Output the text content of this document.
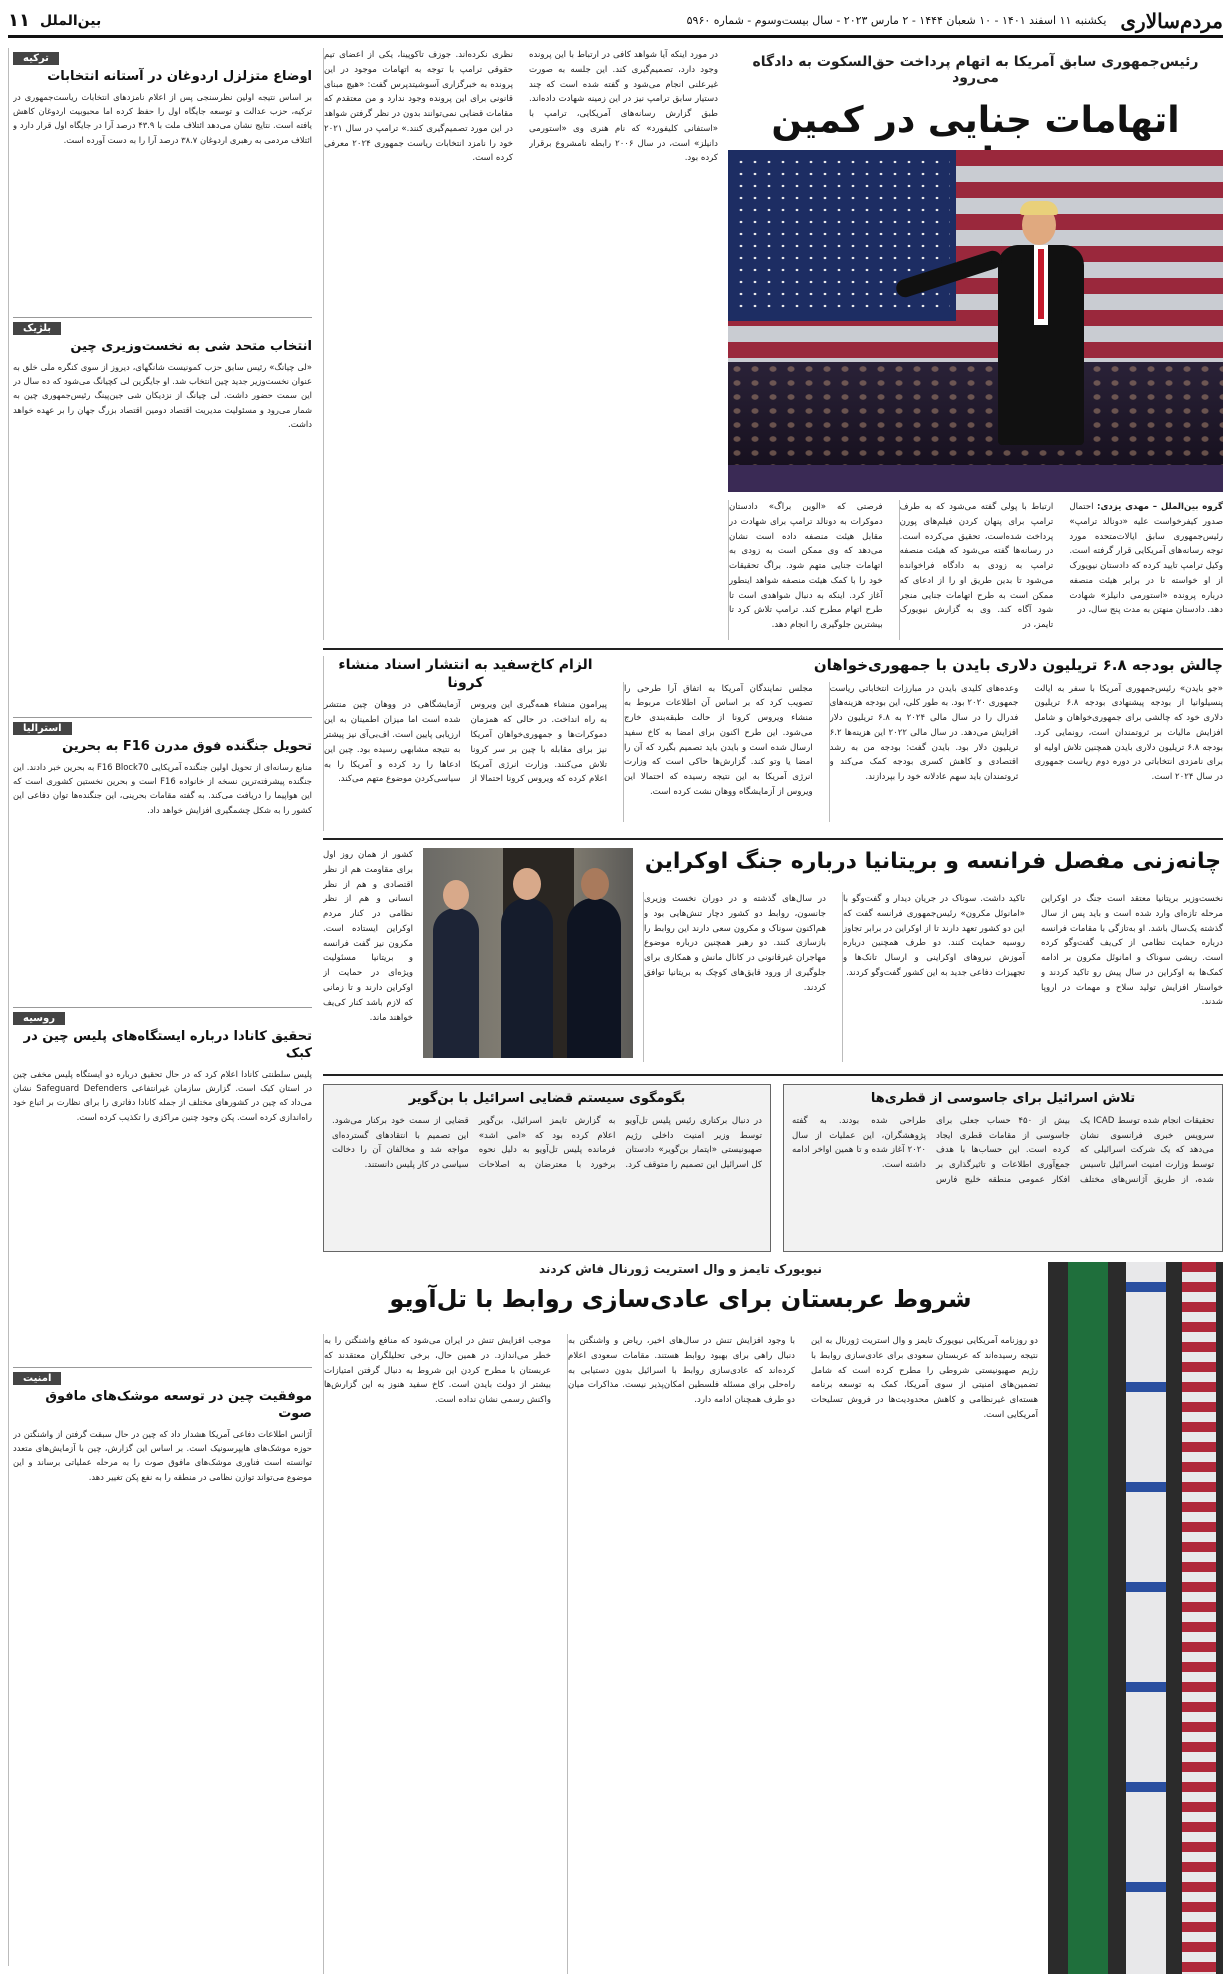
مردم‌سالاری
یکشنبه ۱۱ اسفند ۱۴۰۱ - ۱۰ شعبان ۱۴۴۴ - ۲ مارس ۲۰۲۳ - سال بیست‌وسوم - شماره ۵۹۶۰
بین‌الملل
۱۱
رئیس‌جمهوری سابق آمریکا به اتهام پرداخت حق‌السکوت به دادگاه می‌رود
اتهامات جنایی در کمین
گروه بین‌الملل – مهدی یزدی: احتمال صدور کیفرخواست علیه «دونالد ترامپ» رئیس‌جمهوری سابق ایالات‌متحده مورد توجه رسانه‌های آمریکایی قرار گرفته است. وکیل ترامپ تایید کرده که دادستان نیویورک از او خواسته تا در برابر هیئت منصفه درباره پرونده «استورمی دانیلز» شهادت دهد. دادستان منهتن به مدت پنج سال، در
ارتباط با پولی گفته می‌شود که به طرف ترامپ برای پنهان کردن فیلم‌های پورن پرداخت شده‌است، تحقیق می‌کرده است. در رسانه‌ها گفته می‌شود که هیئت منصفه ترامپ به زودی به دادگاه فراخوانده می‌شود تا بدین طریق او را از ادعای که ممکن است به طرح اتهامات جنایی منجر شود آگاه کند. وی به گزارش نیویورک تایمز، در
فرصتی که «الوین براگ» دادستان دموکرات به دونالد ترامپ برای شهادت در مقابل هیئت منصفه داده است نشان می‌دهد که وی ممکن است به زودی به اتهامات جنایی متهم شود. براگ تحقیقات خود را با کمک هیئت منصفه شواهد اینطور آغاز کرد. اینکه به دنبال شواهدی است تا طرح اتهام مطرح کند. ترامپ تلاش کرد تا بیشترین جلوگیری را انجام دهد.
در مورد اینکه آیا شواهد کافی در ارتباط با این پرونده وجود دارد، تصمیم‌گیری کند. این جلسه به صورت غیرعلنی انجام می‌شود و گفته شده است که چند دستیار سابق ترامپ نیز در این زمینه شهادت داده‌اند. طبق گزارش رسانه‌های آمریکایی، ترامپ با «استفانی کلیفورد» که نام هنری وی «استورمی دانیلز» است، در سال ۲۰۰۶ رابطه نامشروع برقرار کرده بود.
نظری نکرده‌اند. جوزف تاکوپینا، یکی از اعضای تیم حقوقی ترامپ با توجه به اتهامات موجود در این پرونده به خبرگزاری آسوشیتدپرس گفت: «هیچ مبنای قانونی برای این پرونده وجود ندارد و من معتقدم که مقامات قضایی نمی‌توانند بدون در نظر گرفتن شواهد در این مورد تصمیم‌گیری کنند.» ترامپ در سال ۲۰۲۱ خود را نامزد انتخابات ریاست جمهوری ۲۰۲۴ معرفی کرده است.
چالش بودجه ۶.۸ تریلیون دلاری بایدن با جمهوری‌خواهان
«جو بایدن» رئیس‌جمهوری آمریکا با سفر به ایالت پنسیلوانیا از بودجه پیشنهادی بودجه ۶.۸ تریلیون دلاری خود که چالشی برای جمهوری‌خواهان و شامل افزایش مالیات بر ثروتمندان است، رونمایی کرد. بودجه ۶.۸ تریلیون دلاری بایدن همچنین تلاش اولیه او برای نامزدی انتخاباتی در دوره دوم ریاست جمهوری در سال ۲۰۲۴ است.
وعده‌های کلیدی بایدن در مبارزات انتخاباتی ریاست جمهوری ۲۰۲۰ بود. به طور کلی، این بودجه هزینه‌های فدرال را در سال مالی ۲۰۲۴ به ۶.۸ تریلیون دلار افزایش می‌دهد. در سال مالی ۲۰۲۲ این هزینه‌ها ۶.۲ تریلیون دلار بود. بایدن گفت: بودجه من به رشد اقتصادی و کاهش کسری بودجه کمک می‌کند و ثروتمندان باید سهم عادلانه خود را بپردازند.
مجلس نمایندگان آمریکا به اتفاق آرا طرحی را تصویب کرد که بر اساس آن اطلاعات مربوط به منشاء ویروس کرونا از حالت طبقه‌بندی خارج می‌شود. این طرح اکنون برای امضا به کاخ سفید ارسال شده است و بایدن باید تصمیم بگیرد که آن را امضا یا وتو کند. گزارش‌ها حاکی است که وزارت انرژی آمریکا به این نتیجه رسیده که احتمالا این ویروس از آزمایشگاه ووهان نشت کرده است.
الزام کاخ‌سفید به انتشار اسناد منشاء کرونا
پیرامون منشاء همه‌گیری این ویروس به راه انداخت. در حالی که همزمان دموکرات‌ها و جمهوری‌خواهان آمریکا نیز برای مقابله با چین بر سر کرونا تلاش می‌کنند. وزارت انرژی آمریکا اعلام کرده که ویروس کرونا احتمالا از آزمایشگاهی در ووهان چین منتشر شده است اما میزان اطمینان به این ارزیابی پایین است. اف‌بی‌آی نیز پیشتر به نتیجه مشابهی رسیده بود. چین این ادعاها را رد کرده و آمریکا را به سیاسی‌کردن موضوع متهم می‌کند.
چانه‌زنی مفصل فرانسه و بریتانیا درباره جنگ اوکراین
نخست‌وزیر بریتانیا معتقد است جنگ در اوکراین مرحله تازه‌ای وارد شده است و باید پس از سال گذشته یک‌سال باشد. او به‌تازگی با مقامات فرانسه درباره حمایت نظامی از کی‌یف گفت‌وگو کرده است. ریشی سوناک و امانوئل مکرون بر ادامه کمک‌ها به اوکراین در سال پیش رو تاکید کردند و خواستار افزایش تولید سلاح و مهمات در اروپا شدند.
تاکید داشت. سوناک در جریان دیدار و گفت‌وگو با «امانوئل مکرون» رئیس‌جمهوری فرانسه گفت که این دو کشور تعهد دارند تا از اوکراین در برابر تجاوز روسیه حمایت کنند. دو طرف همچنین درباره آموزش نیروهای اوکراینی و ارسال تانک‌ها و تجهیزات دفاعی جدید به این کشور گفت‌وگو کردند.
در سال‌های گذشته و در دوران نخست وزیری جانسون، روابط دو کشور دچار تنش‌هایی بود و هم‌اکنون سوناک و مکرون سعی دارند این روابط را بازسازی کنند. دو رهبر همچنین درباره موضوع مهاجران غیرقانونی در کانال مانش و همکاری برای جلوگیری از ورود قایق‌های کوچک به بریتانیا توافق کردند.
کشور از همان روز اول برای مقاومت هم از نظر اقتصادی و هم از نظر انسانی و هم از نظر نظامی در کنار مردم اوکراین ایستاده است. مکرون نیز گفت فرانسه و بریتانیا مسئولیت ویژه‌ای در حمایت از اوکراین دارند و تا زمانی که لازم باشد کنار کی‌یف خواهند ماند.
تلاش اسرائیل برای جاسوسی از قطری‌ها
تحقیقات انجام شده توسط ICAD یک سرویس خبری فرانسوی نشان می‌دهد که یک شرکت اسرائیلی که توسط وزارت امنیت اسرائیل تاسیس شده، از طریق آژانس‌های مختلف بیش از ۴۵۰ حساب جعلی برای جاسوسی از مقامات قطری ایجاد کرده است. این حساب‌ها با هدف جمع‌آوری اطلاعات و تاثیرگذاری بر افکار عمومی منطقه خلیج فارس طراحی شده بودند. به گفته پژوهشگران، این عملیات از سال ۲۰۲۰ آغاز شده و تا همین اواخر ادامه داشته است.
بگومگوی سیستم قضایی اسرائیل با بن‌گویر
در دنبال برکناری رئیس پلیس تل‌آویو توسط وزیر امنیت داخلی رژیم صهیونیستی «ایتمار بن‌گویر» دادستان کل اسرائیل این تصمیم را متوقف کرد. به گزارش تایمز اسرائیل، بن‌گویر اعلام کرده بود که «امی اشد» فرمانده پلیس تل‌آویو به دلیل نحوه برخورد با معترضان به اصلاحات قضایی از سمت خود برکنار می‌شود. این تصمیم با انتقادهای گسترده‌ای مواجه شد و مخالفان آن را دخالت سیاسی در کار پلیس دانستند.
نیویورک تایمز و وال استریت ژورنال فاش کردند
شروط عربستان برای عادی‌سازی روابط با تل‌آویو
دو روزنامه آمریکایی نیویورک تایمز و وال استریت ژورنال به این نتیجه رسیده‌اند که عربستان سعودی برای عادی‌سازی روابط با رژیم صهیونیستی شروطی را مطرح کرده است که شامل تضمین‌های امنیتی از سوی آمریکا، کمک به توسعه برنامه هسته‌ای غیرنظامی و کاهش محدودیت‌ها در فروش تسلیحات آمریکایی است.
با وجود افزایش تنش در سال‌های اخیر، ریاض و واشنگتن به دنبال راهی برای بهبود روابط هستند. مقامات سعودی اعلام کرده‌اند که عادی‌سازی روابط با اسرائیل بدون دستیابی به راه‌حلی برای مسئله فلسطین امکان‌پذیر نیست. مذاکرات میان دو طرف همچنان ادامه دارد.
موجب افزایش تنش در ایران می‌شود که منافع واشنگتن را به خطر می‌اندازد. در همین حال، برخی تحلیلگران معتقدند که عربستان با مطرح کردن این شروط به دنبال گرفتن امتیازات بیشتر از دولت بایدن است. کاخ سفید هنوز به این گزارش‌ها واکنش رسمی نشان نداده است.
ترکیه
اوضاع متزلزل اردوغان در آستانه انتخابات
بر اساس نتیجه اولین نظرسنجی پس از اعلام نامزدهای انتخابات ریاست‌جمهوری در ترکیه، حزب عدالت و توسعه جایگاه اول را حفظ کرده اما محبوبیت اردوغان کاهش یافته است. نتایج نشان می‌دهد ائتلاف ملت با ۴۳.۹ درصد آرا در جایگاه اول قرار دارد و ائتلاف مردمی به رهبری اردوغان ۳۸.۷ درصد آرا را به دست آورده است.
بلژیک
انتخاب متحد شی به نخست‌وزیری چین
«لی چیانگ» رئیس سابق حزب کمونیست شانگهای، دیروز از سوی کنگره ملی خلق به عنوان نخست‌وزیر جدید چین انتخاب شد. او جایگزین لی کچیانگ می‌شود که ده سال در این سمت حضور داشت. لی چیانگ از نزدیکان شی جین‌پینگ رئیس‌جمهوری چین به شمار می‌رود و مسئولیت مدیریت اقتصاد دومین اقتصاد بزرگ جهان را بر عهده خواهد داشت.
استرالیا
تحویل جنگنده فوق مدرن F16 به بحرین
منابع رسانه‌ای از تحویل اولین جنگنده آمریکایی F16 Block70 به بحرین خبر دادند. این جنگنده پیشرفته‌ترین نسخه از خانواده F16 است و بحرین نخستین کشوری است که این هواپیما را دریافت می‌کند. به گفته مقامات بحرینی، این جنگنده‌ها توان دفاعی این کشور را به شکل چشمگیری افزایش خواهد داد.
روسیه
تحقیق کانادا درباره ایستگاه‌های پلیس چین در کبک
پلیس سلطنتی کانادا اعلام کرد که در حال تحقیق درباره دو ایستگاه پلیس مخفی چین در استان کبک است. گزارش سازمان غیرانتفاعی Safeguard Defenders نشان می‌داد که چین در کشورهای مختلف از جمله کانادا دفاتری را برای نظارت بر اتباع خود راه‌اندازی کرده است. پکن وجود چنین مراکزی را تکذیب کرده است.
امنیت
موفقیت چین در توسعه موشک‌های مافوق صوت
آژانس اطلاعات دفاعی آمریکا هشدار داد که چین در حال سبقت گرفتن از واشنگتن در حوزه موشک‌های هایپرسونیک است. بر اساس این گزارش، چین با آزمایش‌های متعدد توانسته است فناوری موشک‌های مافوق صوت را به مرحله عملیاتی برساند و این موضوع می‌تواند توازن نظامی در منطقه را به نفع پکن تغییر دهد.
